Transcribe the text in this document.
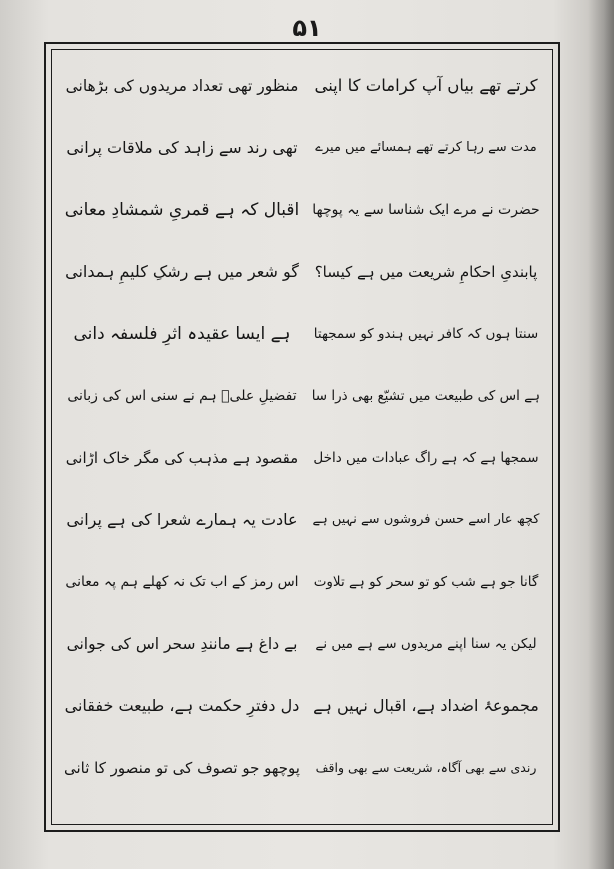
۵۱
کرتے تھے بیاں آپ کرامات کا اپنی
منظور تھی تعداد مریدوں کی بڑھانی
مدت سے رہا کرتے تھے ہمسائے میں میرے
تھی رند سے زاہد کی ملاقات پرانی
حضرت نے مرے ایک شناسا سے یہ پوچھا
اقبال کہ ہے قمریِ شمشادِ معانی
پابندیِ احکامِ شریعت میں ہے کیسا؟
گو شعر میں ہے رشکِ کلیمِ ہمدانی
سنتا ہوں کہ کافر نہیں ہندو کو سمجھتا
ہے ایسا عقیدہ اثرِ فلسفہ دانی
ہے اس کی طبیعت میں تشیّع بھی ذرا سا
تفضیلِ علیؓ ہم نے سنی اس کی زبانی
سمجھا ہے کہ ہے راگ عبادات میں داخل
مقصود ہے مذہب کی مگر خاک اڑانی
کچھ عار اسے حسن فروشوں سے نہیں ہے
عادت یہ ہمارے شعرا کی ہے پرانی
گانا جو ہے شب کو تو سحر کو ہے تلاوت
اس رمز کے اب تک نہ کھلے ہم پہ معانی
لیکن یہ سنا اپنے مریدوں سے ہے میں نے
بے داغ ہے مانندِ سحر اس کی جوانی
مجموعۂ اضداد ہے، اقبال نہیں ہے
دل دفترِ حکمت ہے، طبیعت خفقانی
رندی سے بھی آگاہ، شریعت سے بھی واقف
پوچھو جو تصوف کی تو منصور کا ثانی
